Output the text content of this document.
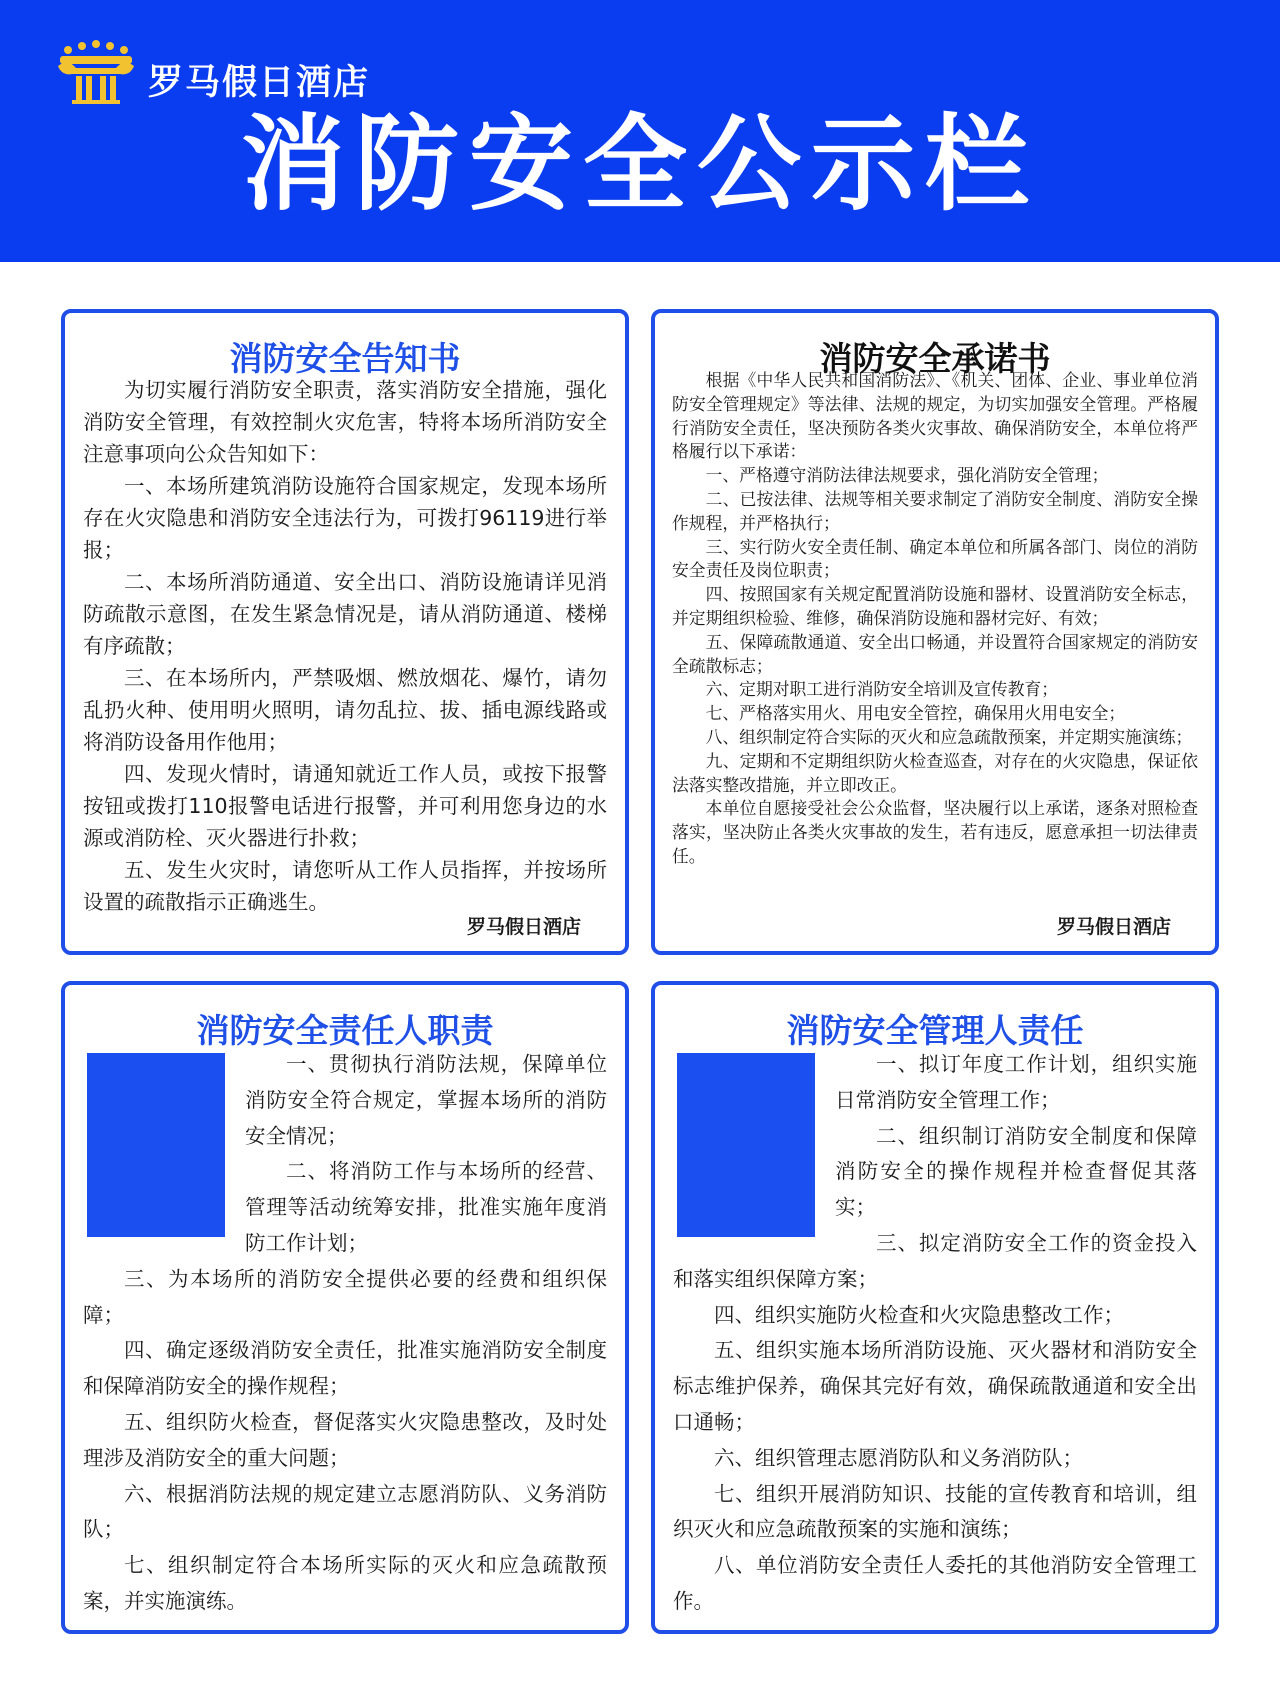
罗马假日酒店
消防安全公示栏
消防安全告知书

为切实履行消防安全职责，落实消防安全措施，强化消防安全管理，有效控制火灾危害，特将本场所消防安全注意事项向公众告知如下：

一、本场所建筑消防设施符合国家规定，发现本场所存在火灾隐患和消防安全违法行为，可拨打96119进行举报；

二、本场所消防通道、安全出口、消防设施请详见消防疏散示意图，在发生紧急情况是，请从消防通道、楼梯有序疏散；

三、在本场所内，严禁吸烟、燃放烟花、爆竹，请勿乱扔火种、使用明火照明，请勿乱拉、拔、插电源线路或将消防设备用作他用；

四、发现火情时，请通知就近工作人员，或按下报警按钮或拨打110报警电话进行报警，并可利用您身边的水源或消防栓、灭火器进行扑救；

五、发生火灾时，请您听从工作人员指挥，并按场所设置的疏散指示正确逃生。

罗马假日酒店
消防安全承诺书

根据《中华人民共和国消防法》、《机关、团体、企业、事业单位消防安全管理规定》等法律、法规的规定，为切实加强安全管理。严格履行消防安全责任，坚决预防各类火灾事故、确保消防安全，本单位将严格履行以下承诺：

一、严格遵守消防法律法规要求，强化消防安全管理；

二、已按法律、法规等相关要求制定了消防安全制度、消防安全操作规程，并严格执行；

三、实行防火安全责任制、确定本单位和所属各部门、岗位的消防安全责任及岗位职责；

四、按照国家有关规定配置消防设施和器材、设置消防安全标志，并定期组织检验、维修，确保消防设施和器材完好、有效；

五、保障疏散通道、安全出口畅通，并设置符合国家规定的消防安全疏散标志；

六、定期对职工进行消防安全培训及宣传教育；

七、严格落实用火、用电安全管控，确保用火用电安全；

八、组织制定符合实际的灭火和应急疏散预案，并定期实施演练；

九、定期和不定期组织防火检查巡查，对存在的火灾隐患，保证依法落实整改措施，并立即改正。

本单位自愿接受社会公众监督，坚决履行以上承诺，逐条对照检查落实，坚决防止各类火灾事故的发生，若有违反，愿意承担一切法律责任。

罗马假日酒店
消防安全责任人职责

一、贯彻执行消防法规，保障单位消防安全符合规定，掌握本场所的消防安全情况；

二、将消防工作与本场所的经营、管理等活动统筹安排，批准实施年度消防工作计划；

三、为本场所的消防安全提供必要的经费和组织保障；

四、确定逐级消防安全责任，批准实施消防安全制度和保障消防安全的操作规程；

五、组织防火检查，督促落实火灾隐患整改，及时处理涉及消防安全的重大问题；

六、根据消防法规的规定建立志愿消防队、义务消防队；

七、组织制定符合本场所实际的灭火和应急疏散预案，并实施演练。

消防安全管理人责任

一、拟订年度工作计划，组织实施日常消防安全管理工作；

二、组织制订消防安全制度和保障消防安全的操作规程并检查督促其落实；

三、拟定消防安全工作的资金投入和落实组织保障方案；

四、组织实施防火检查和火灾隐患整改工作；

五、组织实施本场所消防设施、灭火器材和消防安全标志维护保养，确保其完好有效，确保疏散通道和安全出口通畅；

六、组织管理志愿消防队和义务消防队；

七、组织开展消防知识、技能的宣传教育和培训，组织灭火和应急疏散预案的实施和演练；

八、单位消防安全责任人委托的其他消防安全管理工作。
